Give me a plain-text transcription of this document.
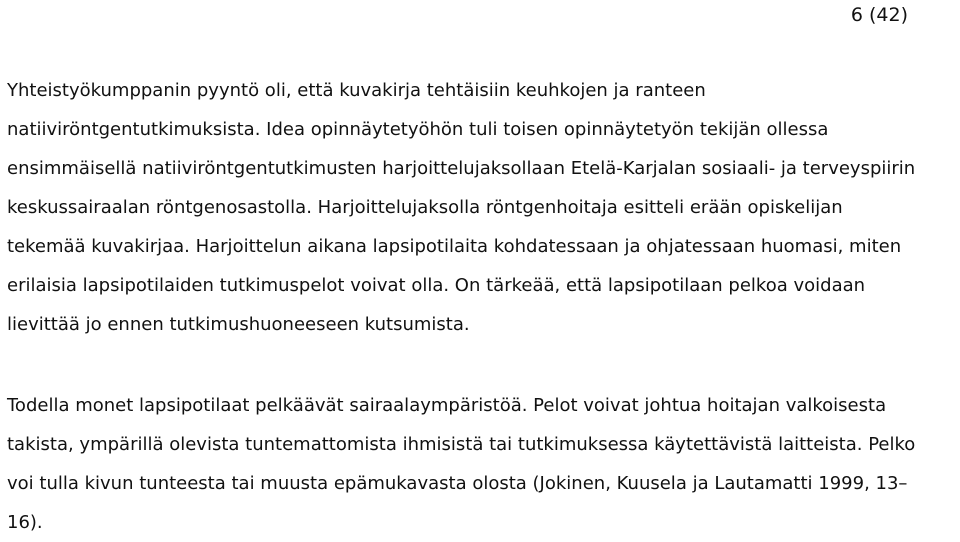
6 (42)

Yhteistyökumppanin pyyntö oli, että kuvakirja tehtäisiin keuhkojen ja ranteen
natiiviröntgentutkimuksista. Idea opinnäytetyöhön tuli toisen opinnäytetyön tekijän ollessa
ensimmäisellä natiiviröntgentutkimusten harjoittelujaksollaan Etelä-Karjalan sosiaali- ja terveyspiirin
keskussairaalan röntgenosastolla. Harjoittelujaksolla röntgenhoitaja esitteli erään opiskelijan
tekemää kuvakirjaa. Harjoittelun aikana lapsipotilaita kohdatessaan ja ohjatessaan huomasi, miten
erilaisia lapsipotilaiden tutkimuspelot voivat olla. On tärkeää, että lapsipotilaan pelkoa voidaan
lievittää jo ennen tutkimushuoneeseen kutsumista.

Todella monet lapsipotilaat pelkäävät sairaalaympäristöä. Pelot voivat johtua hoitajan valkoisesta
takista, ympärillä olevista tuntemattomista ihmisistä tai tutkimuksessa käytettävistä laitteista. Pelko
voi tulla kivun tunteesta tai muusta epämukavasta olosta (Jokinen, Kuusela ja Lautamatti 1999, 13–
16).
